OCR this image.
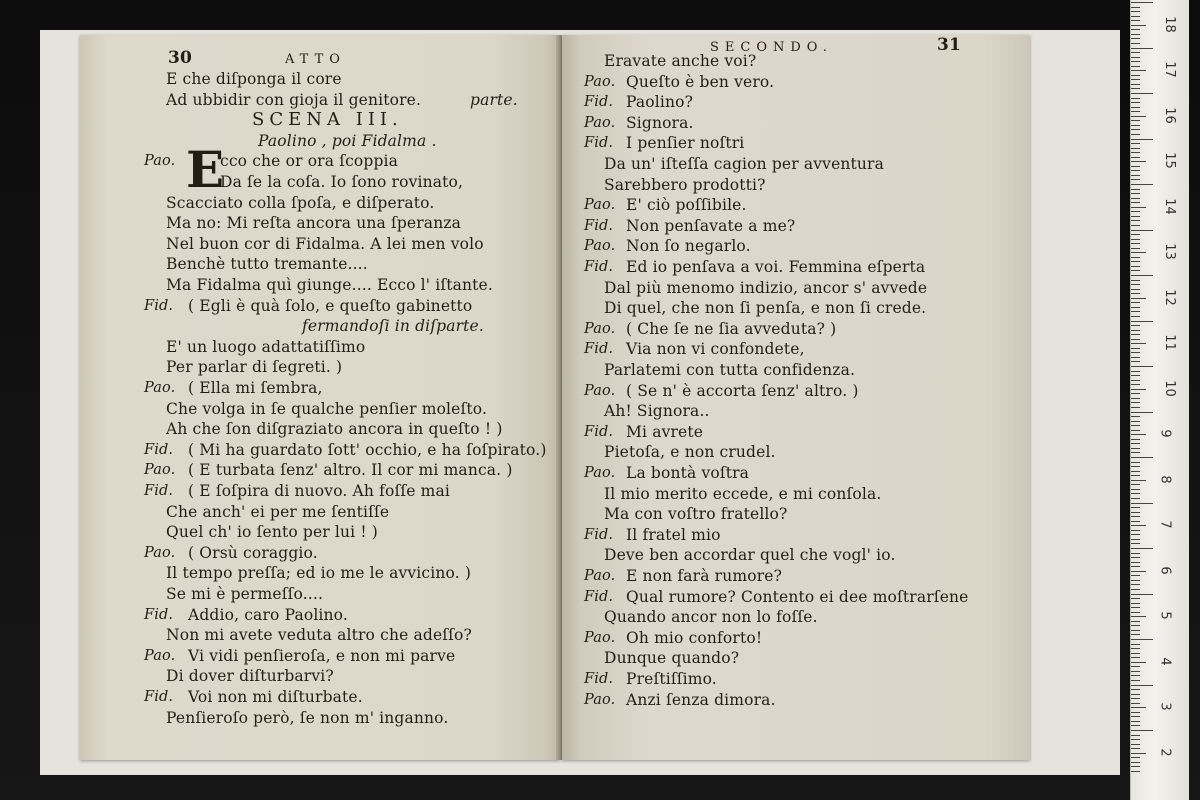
30	ATTO
E che diſponga il core
Ad ubbidir con gioja il genitore.	parte.
SCENA III.
Paolino , poi Fidalma .
Pao. E
cco che or ora ſcoppia
Da ſe la coſa. Io ſono rovinato,
Scacciato colla ſpoſa, e diſperato.
Ma no: Mi reſta ancora una ſperanza
Nel buon cor di Fidalma. A lei men volo
Benchè tutto tremante....
Ma Fidalma quì giunge.... Ecco l' iſtante.
Fid. ( Egli è quà ſolo, e queſto gabinetto
fermandoſi in diſparte.
E' un luogo adattatiſſimo
Per parlar di ſegreti. )
Pao. ( Ella mi ſembra,
Che volga in ſe qualche penſier moleſto.
Ah che ſon diſgraziato ancora in queſto ! )
Fid. ( Mi ha guardato ſott' occhio, e ha ſoſpirato.)
Pao. ( E turbata ſenz' altro. Il cor mi manca. )
Fid. ( E ſoſpira di nuovo. Ah foſſe mai
Che anch' ei per me ſentiſſe
Quel ch' io ſento per lui ! )
Pao. ( Orsù coraggio.
Il tempo preſſa; ed io me le avvicino. )
Se mi è permeſſo....
Fid. Addio, caro Paolino.
Non mi avete veduta altro che adeſſo?
Pao. Vi vidi penſieroſa, e non mi parve
Di dover diſturbarvi?
Fid. Voi non mi diſturbate.
Penſieroſo però, ſe non m' inganno.
SECONDO.	31
Eravate anche voi?
Pao. Queſto è ben vero.
Fid. Paolino?
Pao. Signora.
Fid. I penſier noſtri
Da un' iſteſſa cagion per avventura
Sarebbero prodotti?
Pao. E' ciò poſſibile.
Fid. Non penſavate a me?
Pao. Non ſo negarlo.
Fid. Ed io penſava a voi. Femmina eſperta
Dal più menomo indizio, ancor s' avvede
Di quel, che non ſi penſa, e non ſi crede.
Pao. ( Che ſe ne ſia avveduta? )
Fid. Via non vi confondete,
Parlatemi con tutta confidenza.
Pao. ( Se n' è accorta ſenz' altro. )
Ah! Signora..
Fid. Mi avrete
Pietoſa, e non crudel.
Pao. La bontà voſtra
Il mio merito eccede, e mi conſola.
Ma con voſtro fratello?
Fid. Il fratel mio
Deve ben accordar quel che vogl' io.
Pao. E non farà rumore?
Fid. Qual rumore? Contento ei dee moſtrarſene
Quando ancor non lo foſſe.
Pao. Oh mio conforto!
Dunque quando?
Fid. Preſtiſſimo.
Pao. Anzi ſenza dimora.
18
17
16
15
14
13
12
11
10
9
8
7
6
5
4
3
2
